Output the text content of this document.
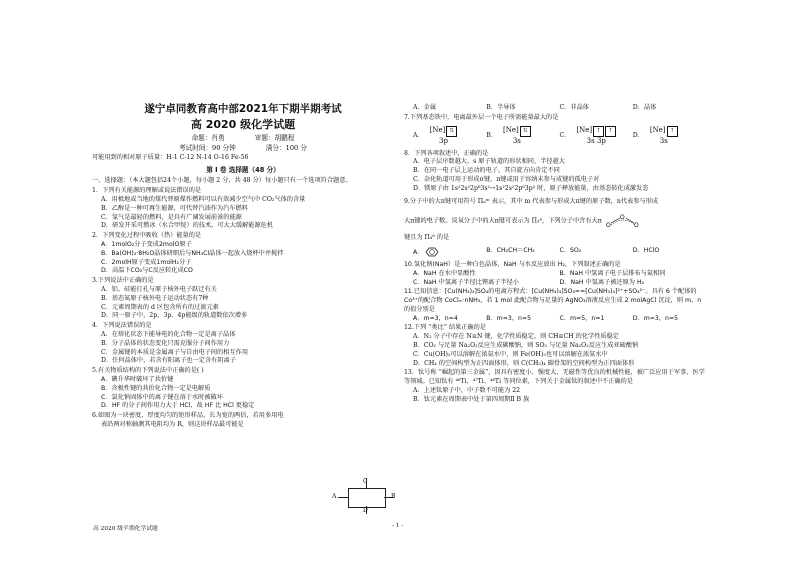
遂宁卓同教育高中部2021年下期半期考试
高 2020 级化学试题
命题：肖勇	审题：胡鹏程
考试时间：90 分钟	满分：100 分
可能用到的相对原子质量：H-1 C-12 N-14 O-16 Fe-56
第 I 卷 选择题（48 分）
一、选择题：（本大题包括24个小题，每小题 2 分，共 48 分）每小题只有一个选项符合题意。
1．下列有关能源的理解或说法错误的是
A．用极地或当地的煤代替原煤作燃料可以有效减少空气中 CO₂气体的含量
B．乙醇是一种可再生能源，可代替汽油作为汽车燃料
C．氢气是最轻的燃料，是具有广阔发展前景的能源
D．研发开采可燃冰（水合甲烷）的技术，可大大缓解能源危机
2．下列变化过程中吸收（热）能量的是
A．1molO₂分子变成2molO原子
B．Ba(OH)₂·8H₂O晶体研细后与NH₄Cl晶体一起放入烧杯中并搅拌
C．2molH原子变成1molH₂分子
D．高温下CO₂与C反应转化成CO
3.下列说法中正确的是
A．铝、硅能打孔与原子核外电子跃迁有关
B．基态氮原子核外电子运动状态有7种
C．元素周期表的 d 区包含所有的过渡元素
D．同一原子中，2p、3p、4p能级的轨道数依次增多
4．下列说法错误的是
A．在熔化状态下能导电的化合物一定是离子晶体
B．分子晶体的状态变化只需克服分子间作用力
C．金属键的本质是金属离子与自由电子间的相互作用
D．任何晶体中，若含有阳离子也一定含有阴离子
5.有关物质结构的下列说法中正确的是( )
A．碘升华时破坏了共价键
B．含极性键的共价化合物一定是电解质
C．氯化钠固体中的离子键在溶于水时被破坏
D．HF 的分子间作用力大于 HCl，故 HF 比 HCl 更稳定
6.如图为一块密度、厚度均匀的矩形样品，长为宽的两倍，若用多用电
表沿两对称轴测其电阻均为 R，则这块样品最可能是
C
A	B
D
A．金属	B．半导体	C．非晶体	D．晶体
7.下列基态铁中，电离最外层一个电子所需能量最大的是
A．
[Ne] ⇅
3p
B．
[Ne] ⇅
3s
C．
[Ne] ↑ ↑
3s 3p
D．
[Ne] ↑
3s
8．下列各项叙述中，正确的是
A．电子层序数越大，s 原子轨道的形状相同、半径越大
B．在同一电子层上运动的电子，其自旋方向肯定不同
C．杂化轨道可用于形成σ键、π键或用于容纳未参与成键的孤电子对
D．镁原子由 1s²2s²2p⁶3s²→1s²2s²2p⁶3p² 时，原子释放能量，由基态转化成激发态
9.分子中的大π键可用符号 Πₙᵐ 表示，其中 m 代表参与形成大π键的原子数，n代表参与形成
大π键的电子数。臭氧分子中的大π键可表示为 Π₃⁴，下列分子中含有大π
O
O
O
键且为 Π₄⁶ 的是
A．	B．CH₂CH＝CH₂	C．SO₂	D．HClO
10.氢化钠(NaH）是一种白色晶体，NaH 与水反应放出 H₂，下列叙述正确的是
A．NaH 在水中显酸性	B．NaH 中氢离子电子层排布与氦相同
C．NaH 中氢离子半径比锂离子半径小	D．NaH 中氢离子被还原为 H₂
11.已知信息：[Cu(NH₃)₄]SO₄的电离方程式：[Cu(NH₃)₄]SO₄==[Cu(NH₃)₄]²⁺+SO₄²⁻。具有 6 个配体的 Co³⁺的配合物 CoClₘ·nNH₃，若 1 mol 此配合物与足量的 AgNO₃溶液反应生成 2 molAgCl 沉淀，则 m、n 的值分别是
A．m=3，n=4	B．m=3，n=5	C．m=5，n=1	D．m=3，n=5
12.下列 “类比” 结果正确的是
A．N₂ 分子中存在 N≡N 键，化学性质稳定，则 CH≡CH 的化学性质稳定
B．CO₂ 与足量 Na₂O₂反应生成碳酸钠，则 SO₂ 与足量 Na₂O₂反应生成亚硫酸钠
C．Cu(OH)₂可以溶解在浓氨水中，则 Fe(OH)₃也可以溶解在浓氨水中
D．CH₄ 的空间构型为正四面体形，则 C(CH₃)₄ 碳骨架的空间构型为正四面体形
13．钛号称 “崛起的第三金属”，因具有密度小、强度大、无磁性等优良的机械性能，被广泛应用于军事、医学等领域。已知钛有 ⁴⁶Ti、⁴⁷Ti、⁴⁸Ti 等同位素，下列关于金属钛的叙述中不正确的是
A．上述钛原子中，中子数不可能为 22
B．钛元素在周期表中处于第四周期Ⅱ B 族
高 2020 级半期化学试题	- 1 -
